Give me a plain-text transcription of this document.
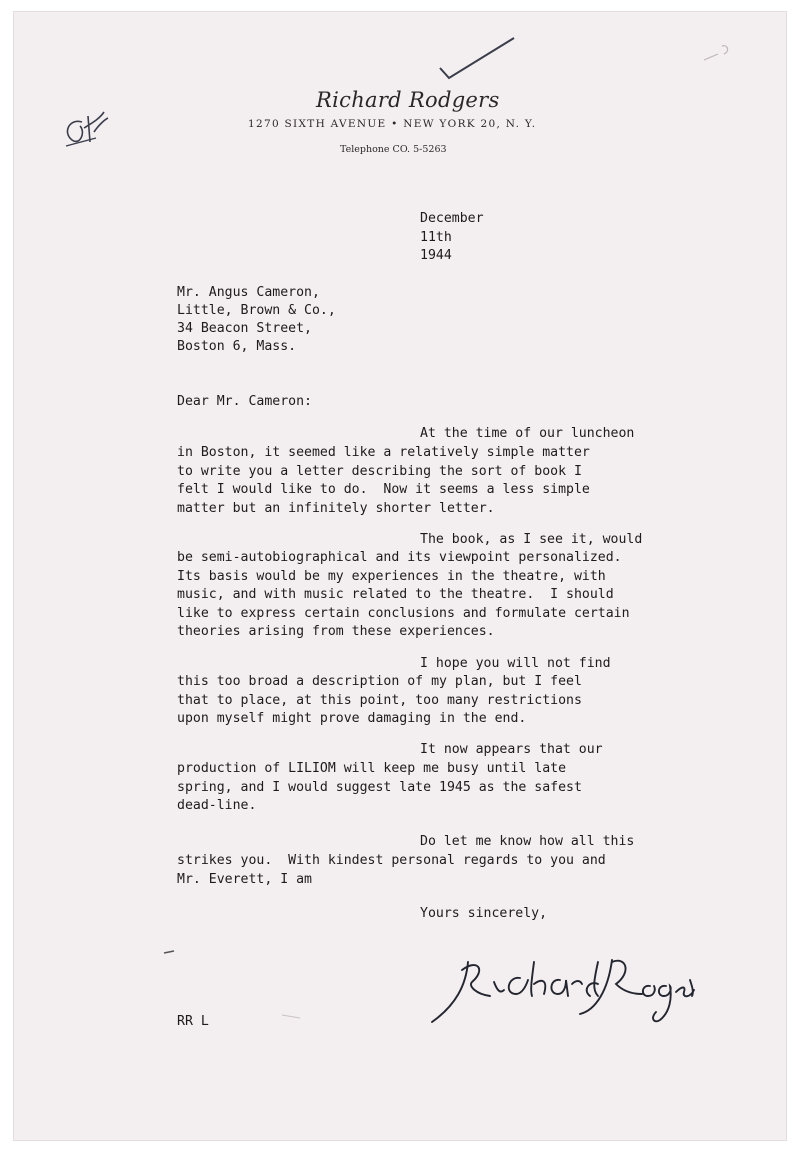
Richard Rodgers
1270 SIXTH AVENUE • NEW YORK 20, N. Y.
Telephone CO. 5-5263

December

11th

1944

Mr. Angus Cameron,

Little, Brown & Co.,

34 Beacon Street,

Boston 6, Mass.

Dear Mr. Cameron:

At the time of our luncheon

in Boston, it seemed like a relatively simple matter
to write you a letter describing the sort of book I
felt I would like to do.  Now it seems a less simple
matter but an infinitely shorter letter.

The book, as I see it, would

be semi-autobiographical and its viewpoint personalized.
Its basis would be my experiences in the theatre, with
music, and with music related to the theatre.  I should
like to express certain conclusions and formulate certain
theories arising from these experiences.

I hope you will not find

this too broad a description of my plan, but I feel
that to place, at this point, too many restrictions
upon myself might prove damaging in the end.

It now appears that our

production of LILIOM will keep me busy until late
spring, and I would suggest late 1945 as the safest
dead-line.

Do let me know how all this

strikes you.  With kindest personal regards to you and
Mr. Everett, I am

Yours sincerely,

RR L
